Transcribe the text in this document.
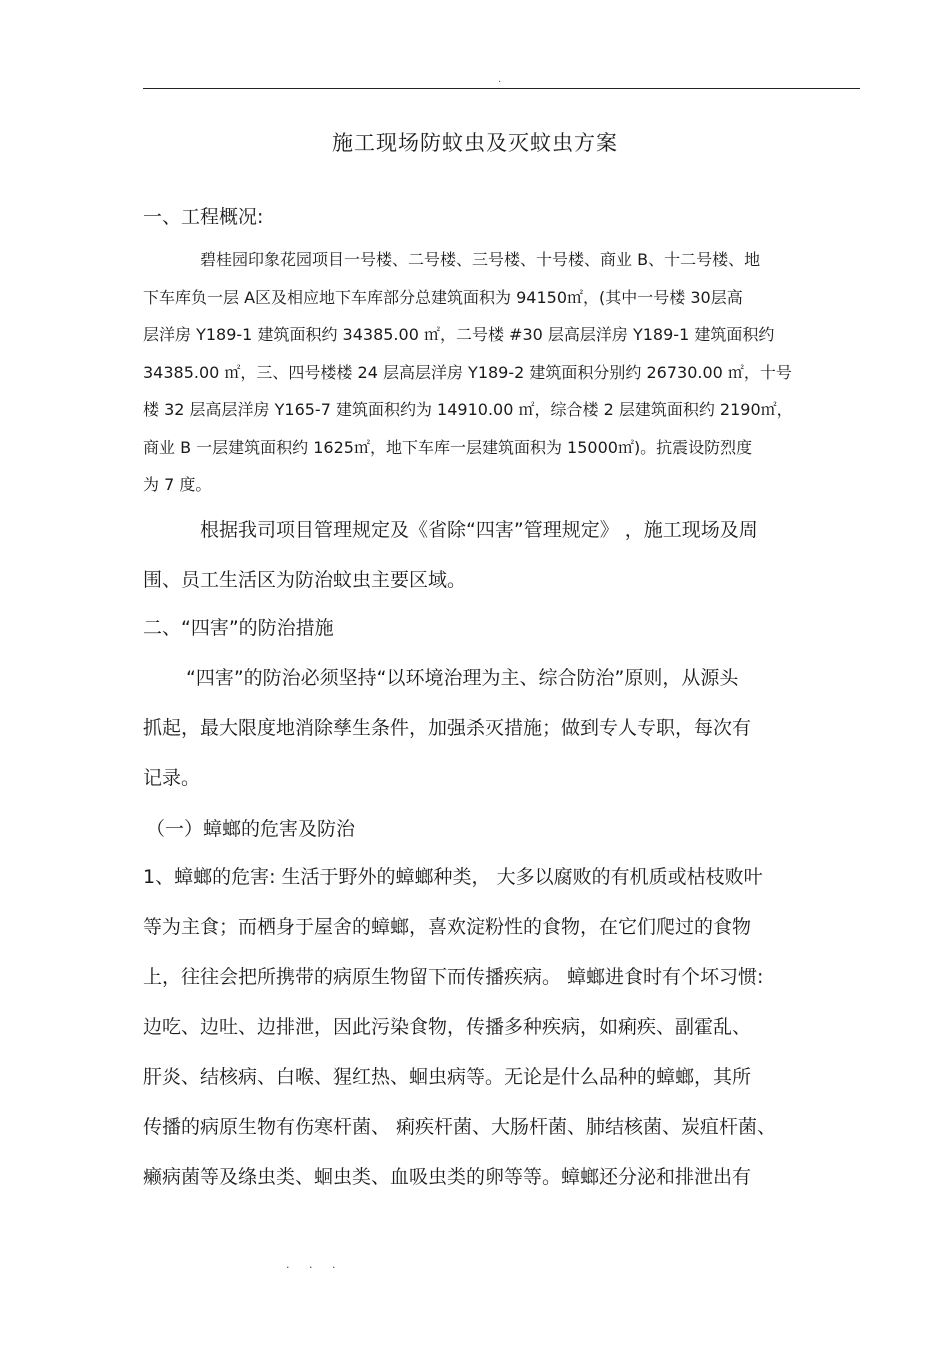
.
施工现场防蚊虫及灭蚊虫方案
一、工程概况:
碧桂园印象花园项目一号楼、二号楼、三号楼、十号楼、商业 B、十二号楼、地
下车库负一层 A区及相应地下车库部分总建筑面积为 94150㎡，(其中一号楼 30层高
层洋房 Y189-1 建筑面积约 34385.00 ㎡，二号楼 #30 层高层洋房 Y189-1 建筑面积约
34385.00 ㎡，三、四号楼楼 24 层高层洋房 Y189-2 建筑面积分别约 26730.00 ㎡，十号
楼 32 层高层洋房 Y165-7 建筑面积约为 14910.00 ㎡，综合楼 2 层建筑面积约 2190㎡，
商业 B 一层建筑面积约 1625㎡，地下车库一层建筑面积为 15000㎡)。抗震设防烈度
为 7 度。
根据我司项目管理规定及《省除“四害”管理规定》 ，施工现场及周
围、员工生活区为防治蚊虫主要区域。
二、“四害”的防治措施
“四害”的防治必须坚持“以环境治理为主、综合防治”原则，从源头
抓起，最大限度地消除孳生条件，加强杀灭措施；做到专人专职，每次有
记录。
（一）蟑螂的危害及防治
1、蟑螂的危害: 生活于野外的蟑螂种类， 大多以腐败的有机质或枯枝败叶
等为主食；而栖身于屋舍的蟑螂，喜欢淀粉性的食物，在它们爬过的食物
上，往往会把所携带的病原生物留下而传播疾病。 蟑螂进食时有个坏习惯:
边吃、边吐、边排泄，因此污染食物，传播多种疾病，如痢疾、副霍乱、
肝炎、结核病、白喉、猩红热、蛔虫病等。无论是什么品种的蟑螂，其所
传播的病原生物有伤寒杆菌、 痢疾杆菌、大肠杆菌、肺结核菌、炭疽杆菌、
癞病菌等及绦虫类、蛔虫类、血吸虫类的卵等等。蟑螂还分泌和排泄出有
. . .
